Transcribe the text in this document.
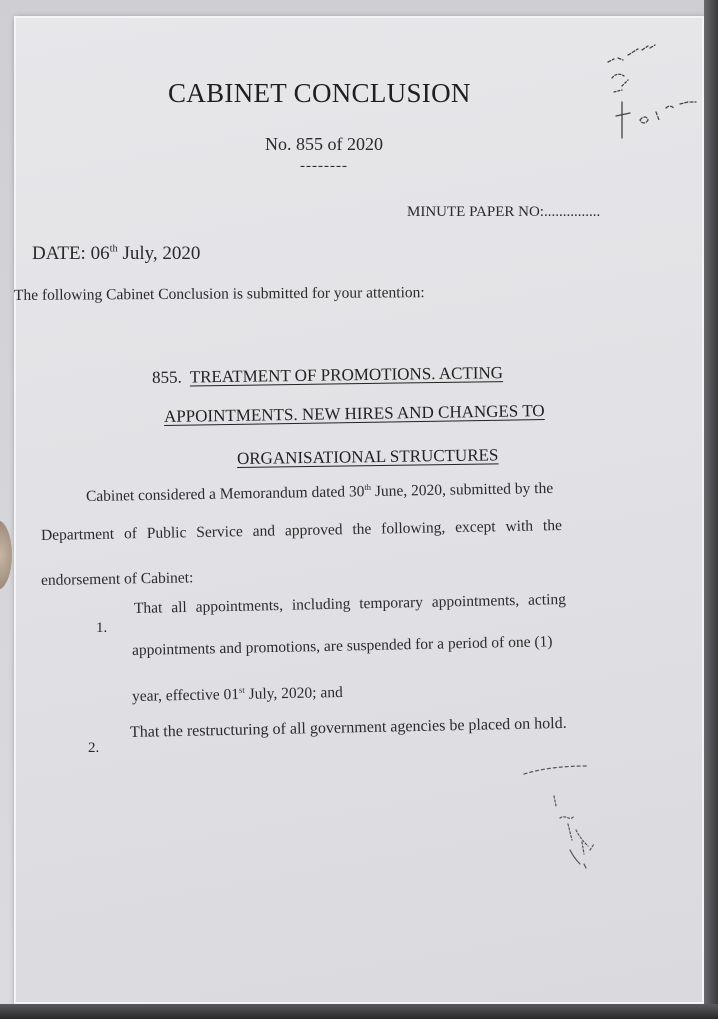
CABINET CONCLUSION
No. 855 of 2020
--------
MINUTE PAPER NO:...............
DATE: 06th July, 2020
The following Cabinet Conclusion is submitted for your attention:
855. TREATMENT OF PROMOTIONS. ACTING
APPOINTMENTS. NEW HIRES AND CHANGES TO
ORGANISATIONAL STRUCTURES
Cabinet considered a Memorandum dated 30th June, 2020, submitted by the
Department of Public Service and approved the following, except with the
endorsement of Cabinet:
1.
That all appointments, including temporary appointments, acting
appointments and promotions, are suspended for a period of one (1)
year, effective 01st July, 2020; and
2.
That the restructuring of all government agencies be placed on hold.
